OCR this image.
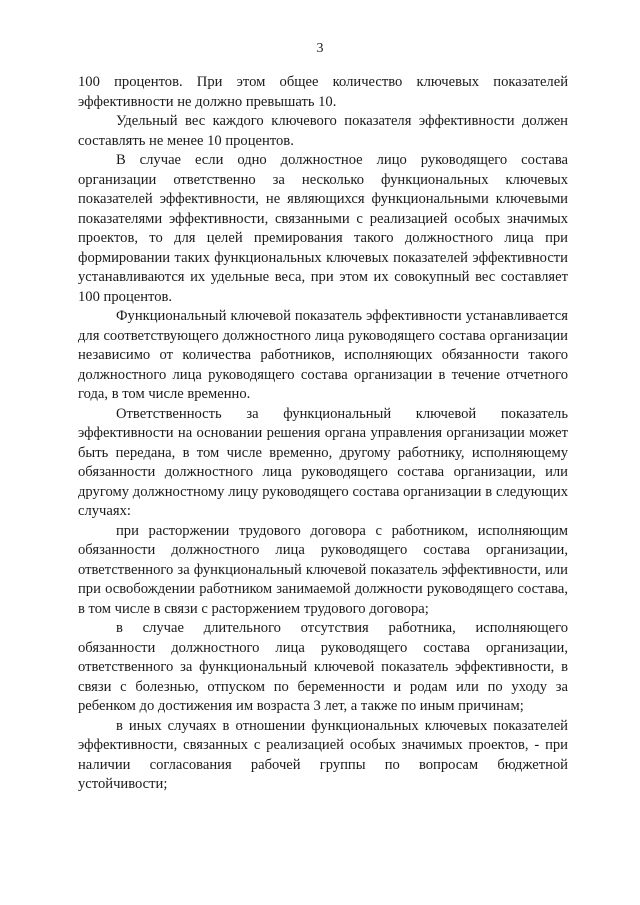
3

100 процентов. При этом общее количество ключевых показателей эффективности не должно превышать 10.

Удельный вес каждого ключевого показателя эффективности должен составлять не менее 10 процентов.

В случае если одно должностное лицо руководящего состава организации ответственно за несколько функциональных ключевых показателей эффективности, не являющихся функциональными ключевыми показателями эффективности, связанными с реализацией особых значимых проектов, то для целей премирования такого должностного лица при формировании таких функциональных ключевых показателей эффективности устанавливаются их удельные веса, при этом их совокупный вес составляет 100 процентов.

Функциональный ключевой показатель эффективности устанавливается для соответствующего должностного лица руководящего состава организации независимо от количества работников, исполняющих обязанности такого должностного лица руководящего состава организации в течение отчетного года, в том числе временно.

Ответственность за функциональный ключевой показатель эффективности на основании решения органа управления организации может быть передана, в том числе временно, другому работнику, исполняющему обязанности должностного лица руководящего состава организации, или другому должностному лицу руководящего состава организации в следующих случаях:

при расторжении трудового договора с работником, исполняющим обязанности должностного лица руководящего состава организации, ответственного за функциональный ключевой показатель эффективности, или при освобождении работником занимаемой должности руководящего состава, в том числе в связи с расторжением трудового договора;

в случае длительного отсутствия работника, исполняющего обязанности должностного лица руководящего состава организации, ответственного за функциональный ключевой показатель эффективности, в связи с болезнью, отпуском по беременности и родам или по уходу за ребенком до достижения им возраста 3 лет, а также по иным причинам;

в иных случаях в отношении функциональных ключевых показателей эффективности, связанных с реализацией особых значимых проектов, - при наличии согласования рабочей группы по вопросам бюджетной устойчивости;
